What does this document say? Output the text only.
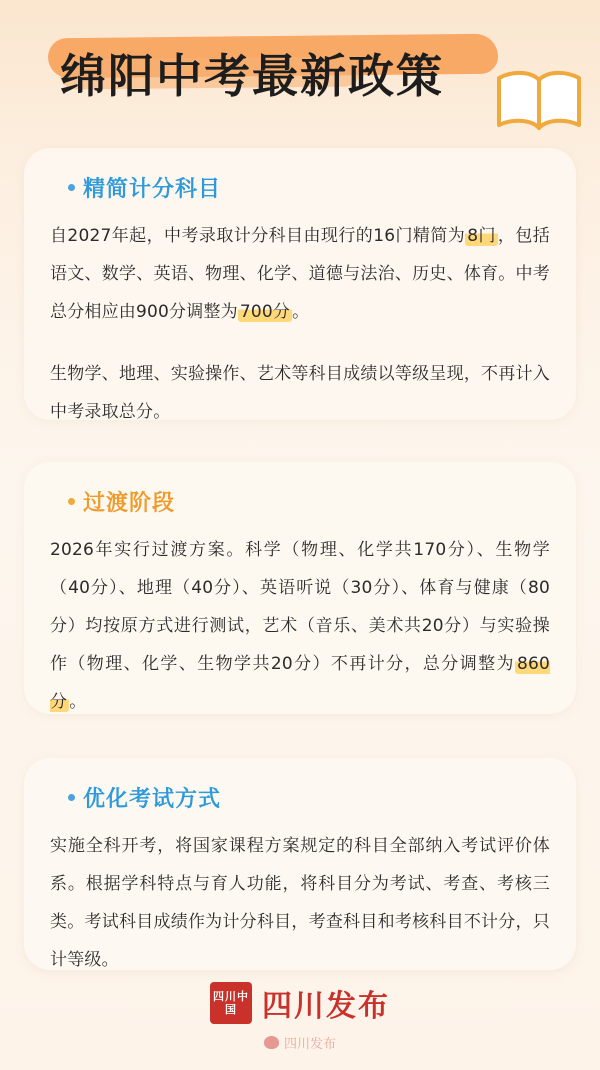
绵阳中考最新政策
精简计分科目

自2027年起，中考录取计分科目由现行的16门精简为 8门 ，包括语文、数学、英语、物理、化学、道德与法治、历史、体育。中考总分相应由900分调整为 700分 。

生物学、地理、实验操作、艺术等科目成绩以等级呈现，不再计入中考录取总分。

过渡阶段

2026年实行过渡方案。科学（物理、化学共170分）、生物学（40分）、地理（40分）、英语听说（30分）、体育与健康（80分）均按原方式进行测试，艺术（音乐、美术共20分）与实验操作（物理、化学、生物学共20分）不再计分，总分调整为 860分 。

优化考试方式

实施全科开考，将国家课程方案规定的科目全部纳入考试评价体系。根据学科特点与育人功能，将科目分为考试、考查、考核三类。考试科目成绩作为计分科目，考查科目和考核科目不计分，只计等级。

四川中国 四川发布
四川发布
